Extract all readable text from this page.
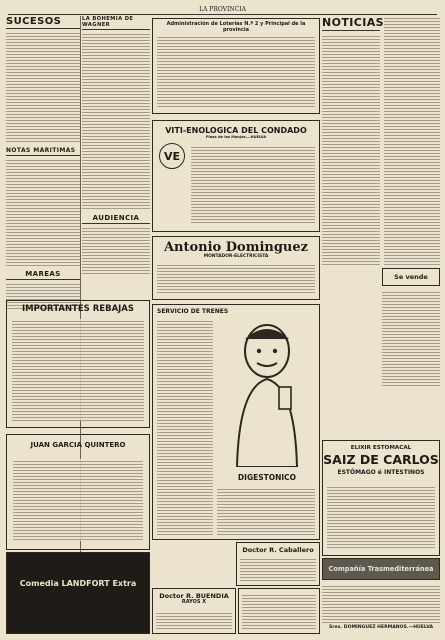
LA PROVINCIA
SUCESOS
NOTAS MARITIMAS
MAREAS
LA BOHEMIA DE WAGNER
AUDIENCIA
IMPORTANTES REBAJAS
JUAN GARCIA QUINTERO
Comedia LANDFORT Extra
Administración de Loterías N.º 2 y Principal de la provincia
VITI-ENOLOGICA DEL CONDADO
Plaza de las Monjas.—HUELVA
VE
Antonio Dominguez
MONTADOR-ELECTRICISTA
SERVICIO DE TRENES
DIGESTONICO
Doctor R. Caballero
Doctor R. BUENDIA
RAYOS X
NOTICIAS
Se vende
ELIXIR ESTOMACAL
SAIZ DE CARLOS
ESTÓMAGO é INTESTINOS
Compañía Trasmediterránea
Sres. DOMINGUEZ HERMANOS.—HUELVA
